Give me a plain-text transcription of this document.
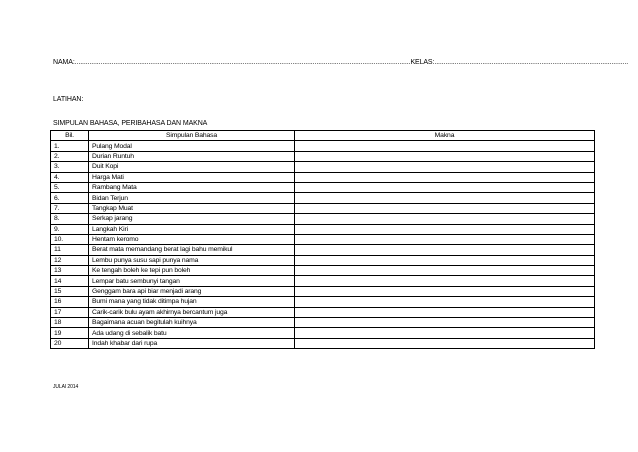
NAMA:......................................................................................................................................................................................KELAS:.........................................................................................................
LATIHAN:
SIMPULAN BAHASA, PERIBAHASA DAN MAKNA
Bil.	Simpulan Bahasa	Makna
1.	Pulang Modal	
2.	Durian Runtuh	
3.	Duit Kopi	
4.	Harga Mati	
5.	Rambang Mata	
6.	Bidan Terjun	
7.	Tangkap Muat	
8.	Serkap jarang	
9.	Langkah Kiri	
10.	Hentam keromo	
11	Berat mata memandang berat lagi bahu memikul	
12	Lembu punya susu sapi punya nama	
13	Ke tengah boleh ke tepi pun boleh	
14	Lempar batu sembunyi tangan	
15	Genggam bara api biar menjadi arang	
16	Bumi mana yang tidak ditimpa hujan	
17	Carik-carik bulu ayam akhirnya bercantum juga	
18	Bagaimana acuan begitulah kuihnya	
19	Ada udang di sebalik batu	
20	Indah khabar dari rupa	
JULAI 2014
